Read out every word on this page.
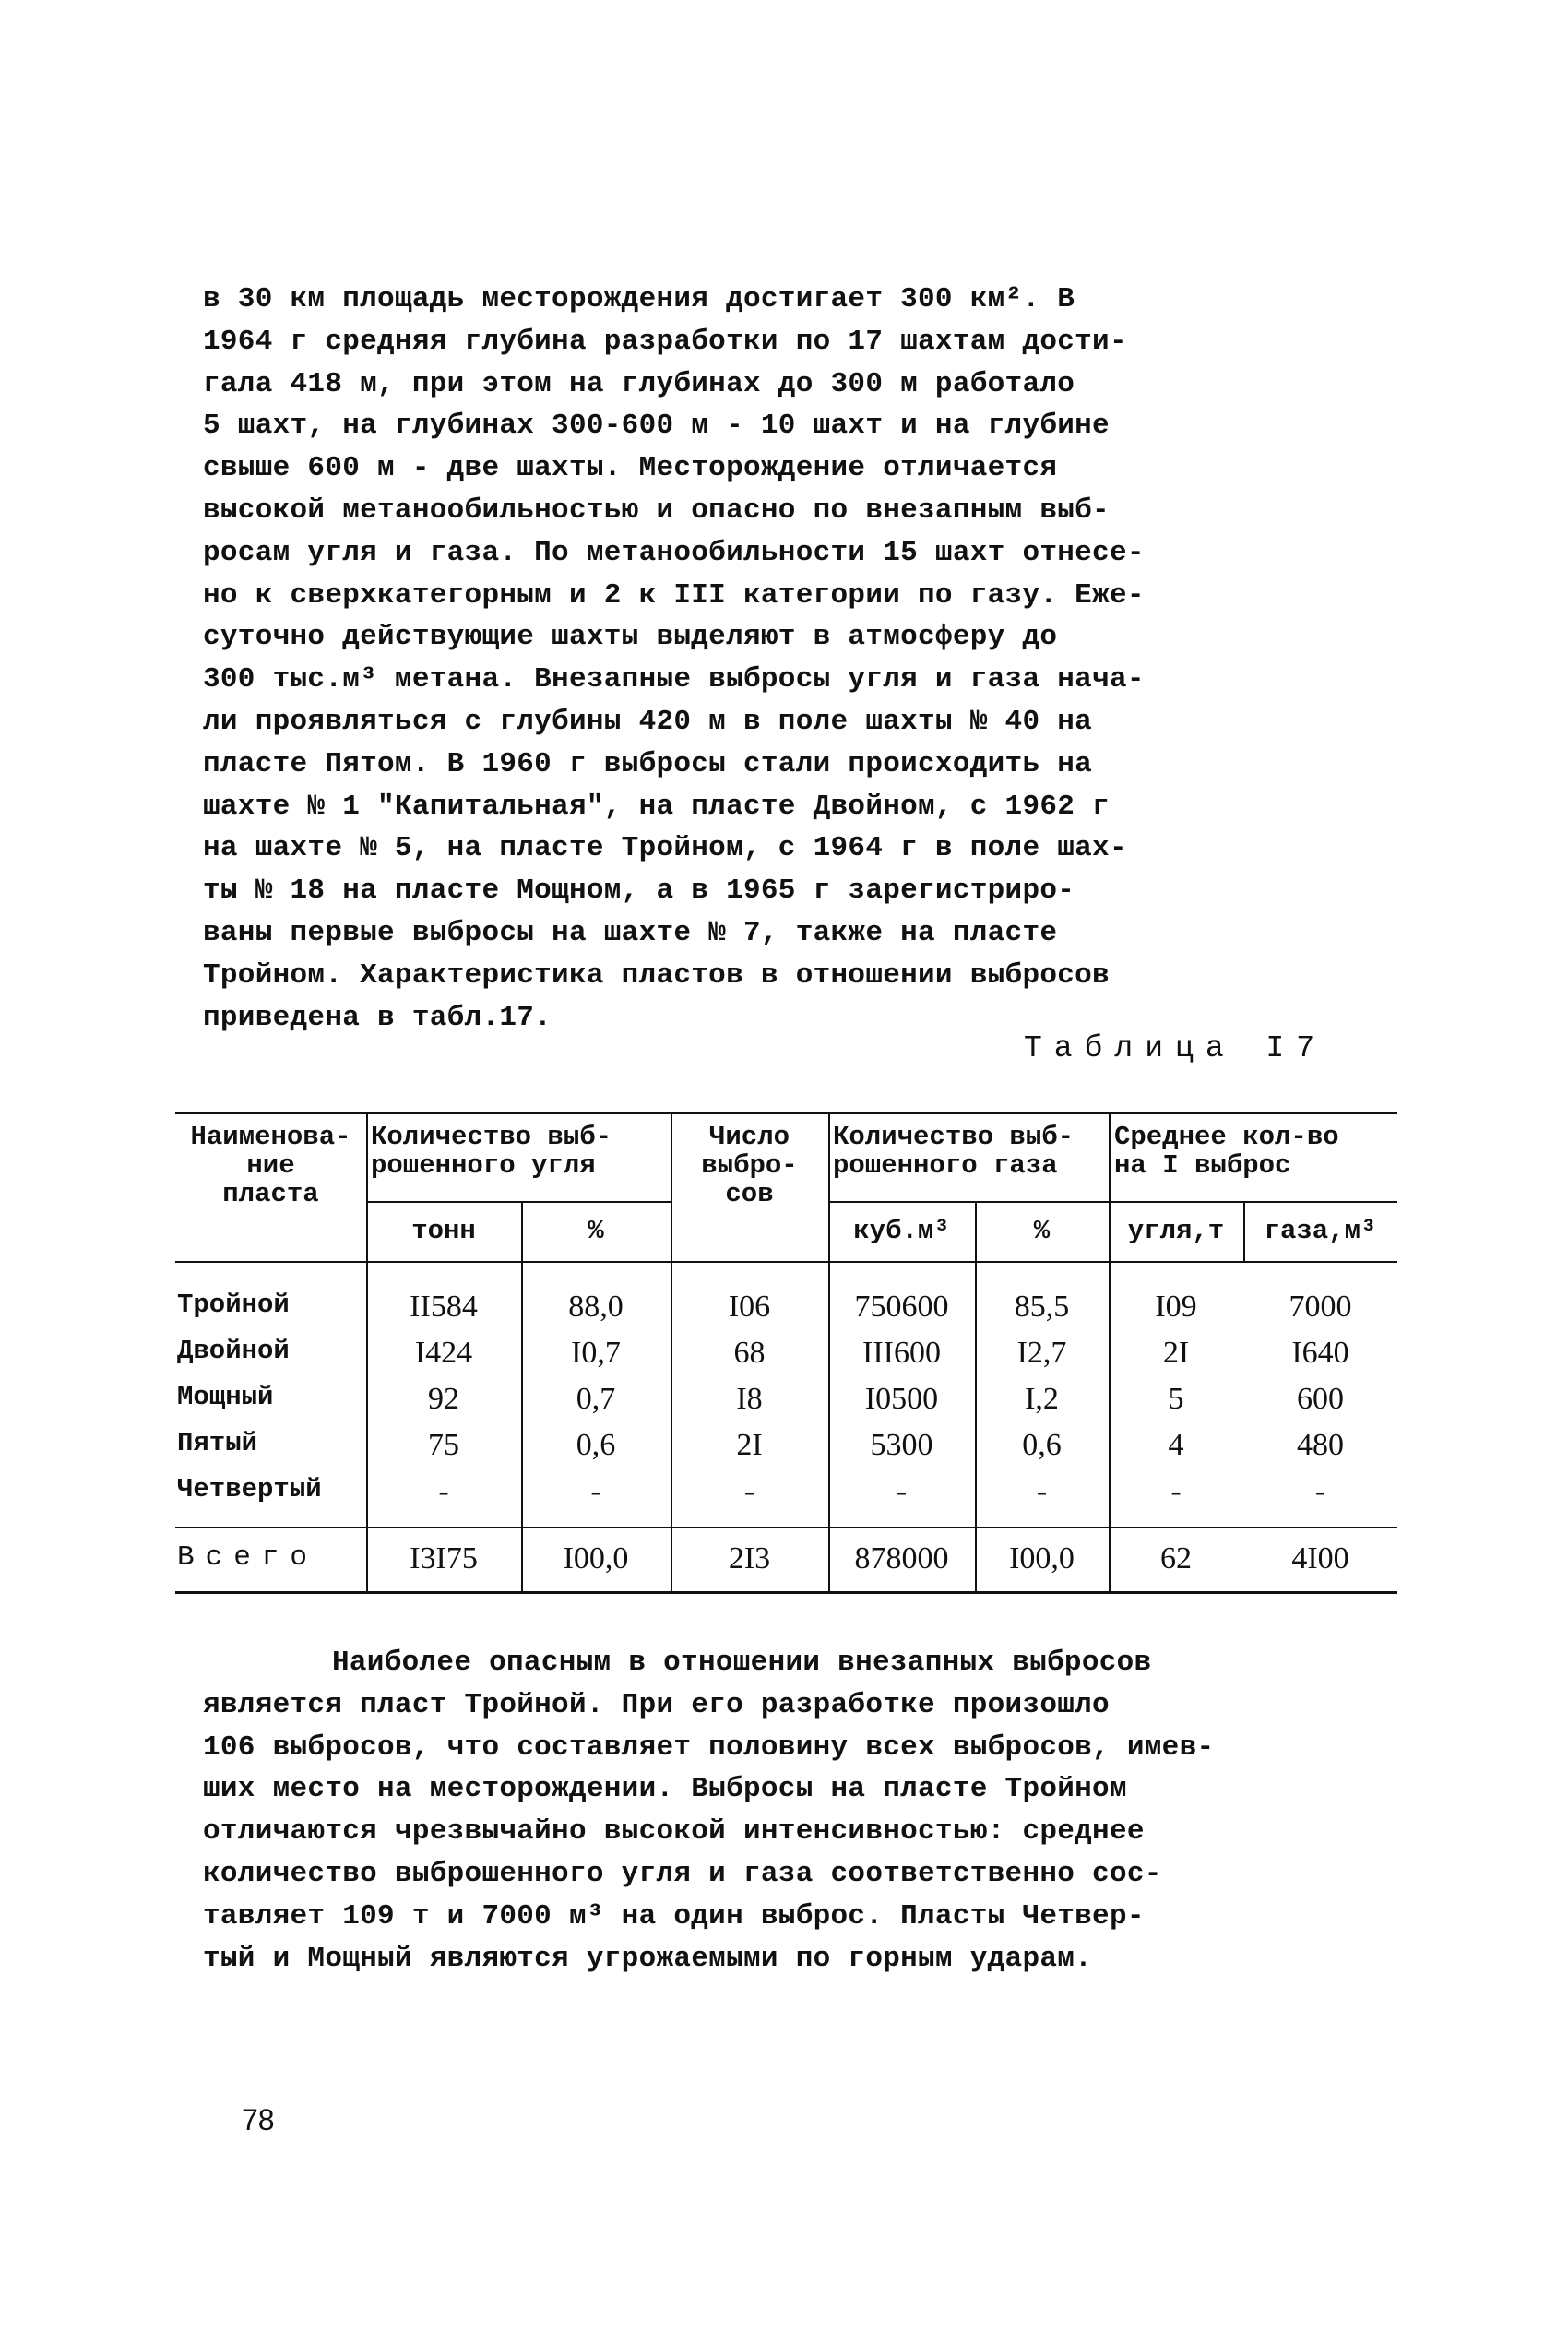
в 30 км площадь месторождения достигает 300 км². В
1964 г средняя глубина разработки по 17 шахтам дости-
гала 418 м, при этом на глубинах до 300 м работало
5 шахт, на глубинах 300-600 м - 10 шахт и на глубине
свыше 600 м - две шахты. Месторождение отличается
высокой метанообильностью и опасно по внезапным выб-
росам угля и газа. По метанообильности 15 шахт отнесе-
но к сверхкатегорным и 2 к III категории по газу. Еже-
суточно действующие шахты выделяют в атмосферу до
300 тыс.м³ метана. Внезапные выбросы угля и газа нача-
ли проявляться с глубины 420 м в поле шахты № 40 на
пласте Пятом. В 1960 г выбросы стали происходить на
шахте № 1 "Капитальная", на пласте Двойном, с 1962 г
на шахте № 5, на пласте Тройном, с 1964 г в поле шах-
ты № 18 на пласте Мощном, а в 1965 г зарегистриро-
ваны первые выбросы на шахте № 7, также на пласте
Тройном. Характеристика пластов в отношении выбросов
приведена в табл.17.
Таблица I7
Наименова-
ние
пласта
Количество выб-
рошенного угля
тонн	%
Число
выбро-
сов
Количество выб-
рошенного газа
куб.м³	%
Среднее кол-во
на I выброс
угля,т	газа,м³
Тройной	II584	88,0	I06	750600	85,5	I09	7000
Двойной	I424	I0,7	68	III600	I2,7	2I	I640
Мощный	92	0,7	I8	I0500	I,2	5	600
Пятый	75	0,6	2I	5300	0,6	4	480
Четвертый	-	-	-	-	-	-	-
Всего	I3I75	I00,0	2I3	878000	I00,0	62	4I00
Наиболее опасным в отношении внезапных выбросов
является пласт Тройной. При его разработке произошло
106 выбросов, что составляет половину всех выбросов, имев-
ших место на месторождении. Выбросы на пласте Тройном
отличаются чрезвычайно высокой интенсивностью: среднее
количество выброшенного угля и газа соответственно сос-
тавляет 109 т и 7000 м³ на один выброс. Пласты Четвер-
тый и Мощный являются угрожаемыми по горным ударам.
78
